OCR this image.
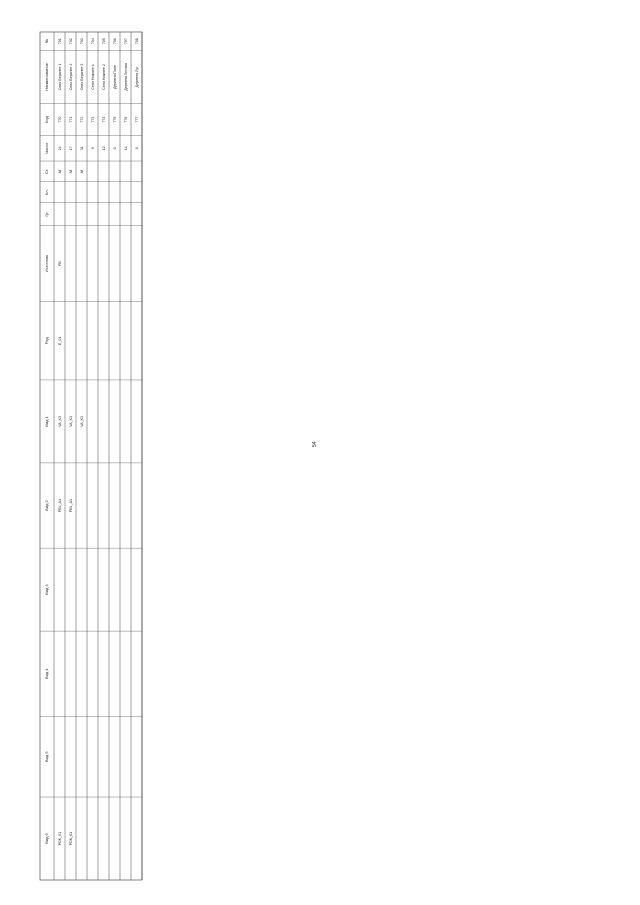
54
№
Наименование
Код
Число
Ст.
Кл.
Гр.
Источник
Род
Вид 1
Вид 2
Вид 3
Вид 4
Вид 5
Вид 6
701
Село Верхнее 1
770
24
М
PB
E_01
VA_K3
PEL_A1
PDK_01
702
Село Верхнее 2
771
17
М
VA_K3
PEL_A1
PDK_01
703
Село Верхнее 3
772
31
М
VA_K3
704
Село Нижнее 1
773
9
705
Село Нижнее 2
774
12
706
Деревня Поле
775
6
707
Деревня Лесная
776
14
708
Деревня Луг
777
8
